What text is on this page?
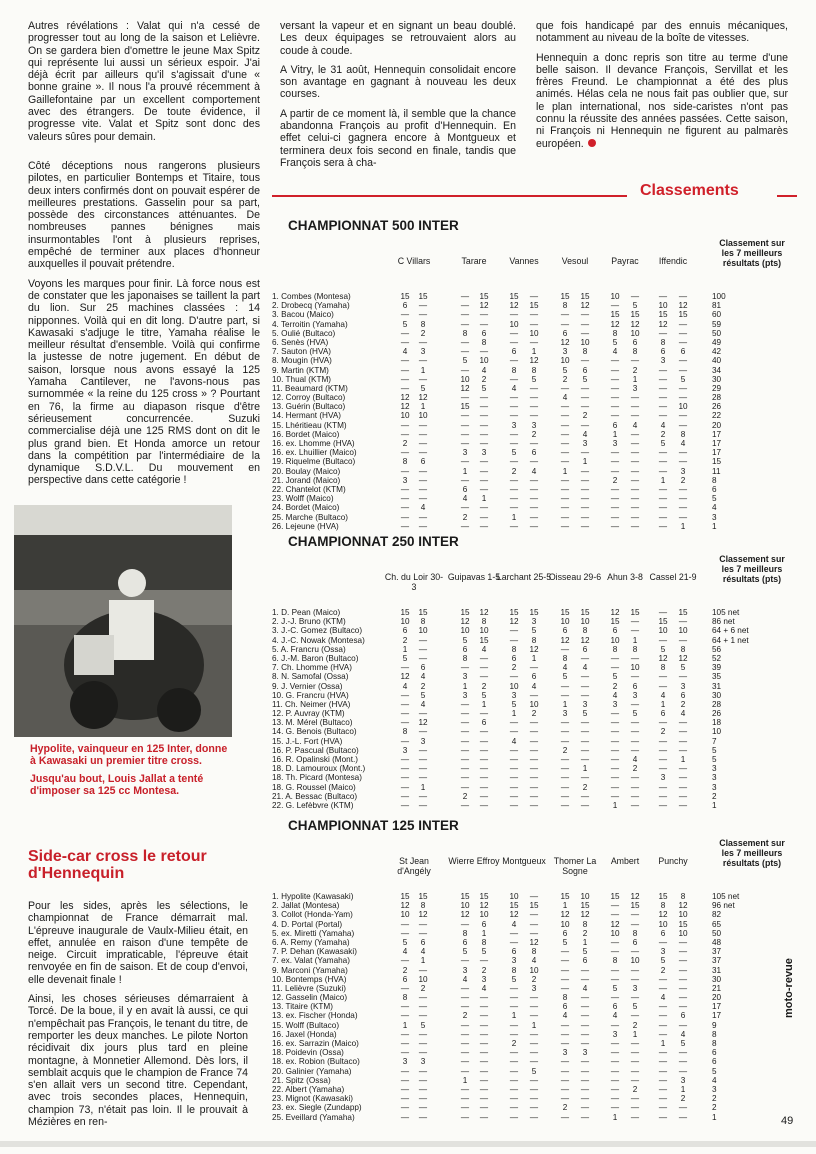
Autres révélations : Valat qui n'a cessé de progresser tout au long de la saison et Lelièvre. On se gardera bien d'omettre le jeune Max Spitz qui représente lui aussi un sérieux espoir. J'ai déjà écrit par ailleurs qu'il s'agissait d'une « bonne graine ». Il nous l'a prouvé récemment à Gaillefontaine par un excellent comportement avec des étrangers. De toute évidence, il progresse vite. Valat et Spitz sont donc des valeurs sûres pour demain.

Côté déceptions nous rangerons plusieurs pilotes, en particulier Bontemps et Titaire, tous deux inters confirmés dont on pouvait espérer de meilleures prestations. Gasselin pour sa part, possède des circonstances atténuantes. De nombreuses pannes bénignes mais insurmontables l'ont à plusieurs reprises, empêché de terminer aux places d'honneur auxquelles il pouvait prétendre.

Voyons les marques pour finir. Là force nous est de constater que les japonaises se taillent la part du lion. Sur 25 machines classées : 14 nipponnes. Voilà qui en dit long. D'autre part, si Kawasaki s'adjuge le titre, Yamaha réalise le meilleur résultat d'ensemble. Voilà qui confirme la justesse de notre jugement. En début de saison, lorsque nous avons essayé la 125 Yamaha Cantilever, ne l'avons-nous pas surnommée « la reine du 125 cross » ? Pourtant en 76, la firme au diapason risque d'être sérieusement concurrencée. Suzuki commercialise déjà une 125 RMS dont on dit le plus grand bien. Et Honda amorce un retour dans la compétition par l'intermédiaire de la dynamique S.D.V.L. Du mouvement en perspective dans cette catégorie !

versant la vapeur et en signant un beau doublé. Les deux équipages se retrouvaient alors au coude à coude.

A Vitry, le 31 août, Hennequin consolidait encore son avantage en gagnant à nouveau les deux courses.

A partir de ce moment là, il semble que la chance abandonna François au profit d'Hennequin. En effet celui-ci gagnera encore à Montgueux et terminera deux fois second en finale, tandis que François sera à cha-

que fois handicapé par des ennuis mécaniques, notamment au niveau de la boîte de vitesses.

Hennequin a donc repris son titre au terme d'une belle saison. Il devance François, Servillat et les frères Freund. Le championnat a été des plus animés. Hélas cela ne nous fait pas oublier que, sur le plan international, nos side-caristes n'ont pas connu la réussite des années passées. Cette saison, ni François ni Hennequin ne figurent au palmarès européen.

Hypolite, vainqueur en 125 Inter, donne à Kawasaki un premier titre cross.

Jusqu'au bout, Louis Jallat a tenté d'imposer sa 125 cc Montesa.

Side-car cross le retour d'Hennequin

Pour les sides, après les sélections, le championnat de France démarrait mal. L'épreuve inaugurale de Vaulx-Milieu était, en effet, annulée en raison d'une tempête de neige. Circuit impraticable, l'épreuve était renvoyée en fin de saison. Et de coup d'envoi, elle devenait finale !

Ainsi, les choses sérieuses démarraient à Torcé. De la boue, il y en avait là aussi, ce qui n'empêchait pas François, le tenant du titre, de remporter les deux manches. Le pilote Norton récidivait dix jours plus tard en pleine montagne, à Monnetier Allemond. Dès lors, il semblait acquis que le champion de France 74 s'en allait vers un second titre. Cependant, avec trois secondes places, Hennequin, champion 73, n'était pas loin. Il le prouvait à Mézières en ren-

Classements
CHAMPIONNAT 500 INTER
C Villars	Tarare	Vannes	Vesoul	Payrac	Iffendic
Classement sur les 7 meilleurs résultats (pts)
1. Combes (Montesa)	15	15	—	15	15	—	15	15	10	—	—	—	100
2. Drobecq (Yamaha)	6	—	—	12	12	15	8	12	—	5	10	12	81
3. Bacou (Maico)	—	—	—	—	—	—	—	—	15	15	15	15	60
4. Terroitin (Yamaha)	5	8	—	—	10	—	—	—	12	12	12	—	59
5. Oulié (Bultaco)	—	2	8	6	—	10	6	—	8	10	—	—	50
6. Senès (HVA)	—	—	—	8	—	—	12	10	5	6	8	—	49
7. Sauton (HVA)	4	3	—	—	6	1	3	8	4	8	6	6	42
8. Mougin (HVA)	—	—	5	10	—	12	10	—	—	—	3	—	40
9. Martin (KTM)	—	1	—	4	8	8	5	6	—	2	—	—	34
10. Thual (KTM)	—	—	10	2	—	5	2	5	—	1	—	5	30
11. Beaumard (KTM)	—	5	12	5	4	—	—	—	—	3	—	—	29
12. Corroy (Bultaco)	12	12	—	—	—	—	4	—	—	—	—	—	28
13. Guérin (Bultaco)	12	1	15	—	—	—	—	—	—	—	—	10	26
14. Hermant (HVA)	10	10	—	—	—	—	—	2	—	—	—	—	22
15. Lhéritieau (KTM)	—	—	—	—	3	3	—	—	6	4	4	—	20
16. Bordet (Maico)	—	—	—	—	—	2	—	4	1	—	2	8	17
16. ex. Lhomme (HVA)	2	—	—	—	—	—	—	3	3	—	5	4	17
16. ex. Lhuillier (Maico)	—	—	3	3	5	6	—	—	—	—	—	—	17
19. Riquelme (Bultaco)	8	6	—	—	—	—	—	1	—	—	—	—	15
20. Boulay (Maico)	—	—	1	—	2	4	1	—	—	—	—	3	11
21. Jorand (Maico)	3	—	—	—	—	—	—	—	2	—	1	2	8
22. Chantelot (KTM)	—	—	6	—	—	—	—	—	—	—	—	—	6
23. Wolff (Maico)	—	—	4	1	—	—	—	—	—	—	—	—	5
24. Bordet (Maico)	—	4	—	—	—	—	—	—	—	—	—	—	4
25. Marche (Bultaco)	—	—	2	—	1	—	—	—	—	—	—	—	3
26. Lejeune (HVA)	—	—	—	—	—	—	—	—	—	—	—	1	1
CHAMPIONNAT 250 INTER
Ch. du Loir 30-3
Guipavas 1-5
Larchant 25-5
Oisseau 29-6 Ahun 3-8 Cassel 21-9
Classement sur les 7 meilleurs résultats (pts)
1. D. Pean (Maico)	15	15	15	12	15	15	15	15	12	15	—	15	105 net
2. J.-J. Bruno (KTM)	10	8	12	8	12	3	10	10	15	—	15	—	86 net
3. J.-C. Gomez (Bultaco)	6	10	10	10	—	5	6	8	6	—	10	10	64 + 6 net
4. J.-C. Nowak (Montesa)	2	—	5	15	—	8	12	12	10	1	—	—	64 + 1 net
5. A. Francru (Ossa)	1	—	6	4	8	12	—	6	8	8	5	8	56
6. J.-M. Baron (Bultaco)	5	—	8	—	6	1	8	—	—	—	12	12	52
7. Ch. Lhomme (HVA)	—	6	—	—	2	—	4	4	—	10	8	5	39
8. N. Samofal (Ossa)	12	4	3	—	—	6	5	—	5	—	—	—	35
9. J. Vernier (Ossa)	4	2	1	2	10	4	—	—	2	6	—	3	31
10. G. Francru (HVA)	—	5	3	5	3	—	—	—	4	3	4	6	30
11. Ch. Neimer (HVA)	—	4	—	1	5	10	1	3	3	—	1	2	28
12. P. Auvray (KTM)	—	—	—	—	1	2	3	5	—	5	6	4	26
13. M. Mérel (Bultaco)	—	12	—	6	—	—	—	—	—	—	—	—	18
14. G. Benois (Bultaco)	8	—	—	—	—	—	—	—	—	—	2	—	10
15. J.-L. Fort (HVA)	—	3	—	—	4	—	—	—	—	—	—	—	7
16. P. Pascual (Bultaco)	3	—	—	—	—	—	2	—	—	—	—	—	5
16. R. Opalinski (Mont.)	—	—	—	—	—	—	—	—	—	4	—	1	5
18. D. Lamouroux (Mont.)	—	—	—	—	—	—	—	1	—	2	—	—	3
18. Th. Picard (Montesa)	—	—	—	—	—	—	—	—	—	—	3	—	3
18. G. Roussel (Maico)	—	1	—	—	—	—	—	2	—	—	—	—	3
21. A. Bessac (Bultaco)	—	—	2	—	—	—	—	—	—	—	—	—	2
22. G. Lefèbvre (KTM)	—	—	—	—	—	—	—	—	1	—	—	—	1
CHAMPIONNAT 125 INTER
St Jean d'Angély
Wierre Effroy Montgueux Thomer La Sogne
Ambert	Punchy
Classement sur les 7 meilleurs résultats (pts)
1. Hypolite (Kawasaki)	15	15	15	15	10	—	15	10	15	12	15	8	105 net
2. Jallat (Montesa)	12	8	10	12	15	15	1	15	—	15	8	12	96 net
3. Collot (Honda-Yam)	10	12	12	10	12	—	12	12	—	—	12	10	82
4. D. Portal (Portal)	—	—	—	6	4	—	10	8	12	—	10	15	65
5. ex. Miretti (Yamaha)	—	—	8	1	—	—	6	2	10	8	6	10	50
6. A. Remy (Yamaha)	5	6	6	8	—	12	5	1	—	6	—	—	48
7. P. Dehan (Kawasaki)	4	4	5	5	6	8	—	5	—	—	3	—	37
7. ex. Valat (Yamaha)	—	1	—	—	3	4	—	6	8	10	5	—	37
9. Marconi (Yamaha)	2	—	3	2	8	10	—	—	—	—	2	—	31
10. Bontemps (HVA)	6	10	4	3	5	2	—	—	—	—	—	—	30
11. Lelièvre (Suzuki)	—	2	—	4	—	3	—	4	5	3	—	—	21
12. Gasselin (Maico)	8	—	—	—	—	—	8	—	—	—	4	—	20
13. Titaire (KTM)	—	—	—	—	—	—	6	—	6	5	—	—	17
13. ex. Fischer (Honda)	—	—	2	—	1	—	4	—	4	—	—	6	17
15. Wolff (Bultaco)	1	5	—	—	—	1	—	—	—	2	—	—	9
16. Jaxel (Honda)	—	—	—	—	—	—	—	—	3	1	—	4	8
16. ex. Sarrazin (Maico)	—	—	—	—	2	—	—	—	—	—	1	5	8
18. Poidevin (Ossa)	—	—	—	—	—	—	3	3	—	—	—	—	6
18. ex. Robion (Bultaco)	3	3	—	—	—	—	—	—	—	—	—	—	6
20. Galinier (Yamaha)	—	—	—	—	—	5	—	—	—	—	—	—	5
21. Spitz (Ossa)	—	—	1	—	—	—	—	—	—	—	—	3	4
22. Albert (Yamaha)	—	—	—	—	—	—	—	—	—	2	—	1	3
23. Mignot (Kawasaki)	—	—	—	—	—	—	—	—	—	—	—	2	2
23. ex. Siegle (Zundapp)	—	—	—	—	—	—	2	—	—	—	—	—	2
25. Eveillard (Yamaha)	—	—	—	—	—	—	—	—	1	—	—	—	1
moto-revue
49
